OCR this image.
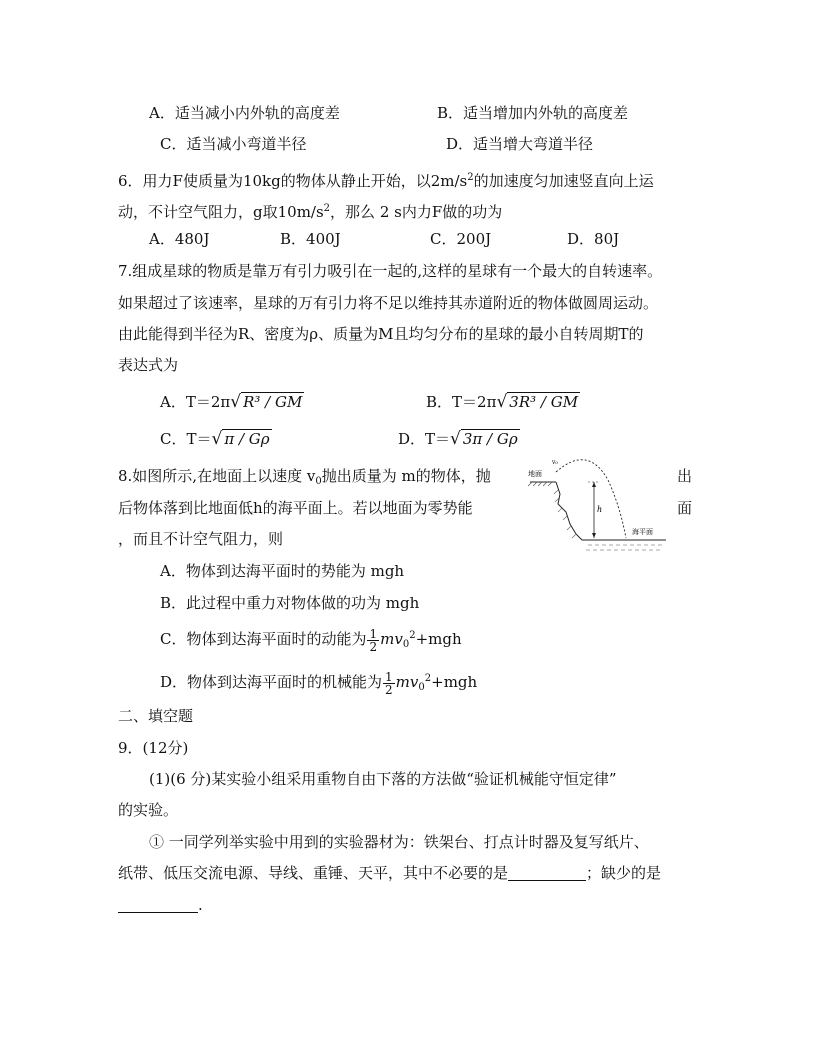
A．适当减小内外轨的高度差	B．适当增加内外轨的高度差
C．适当减小弯道半径	D．适当增大弯道半径
6．用力F使质量为10kg的物体从静止开始，以$2m/s^2$的加速度匀加速竖直向上运
动，不计空气阻力，g取$10m/s^2$，那么 2 s内力F做的功为
A．480J	B．400J	C．200J	D．80J
7.组成星球的物质是靠万有引力吸引在一起的,这样的星球有一个最大的自转速率。
如果超过了该速率，星球的万有引力将不足以维持其赤道附近的物体做圆周运动。
由此能得到半径为R、密度为ρ、质量为M且均匀分布的星球的最小自转周期T的
表达式为
A．T＝2π√ R³ / GM	B．T＝2π√ 3R³ / GM
C．T＝√ π / Gρ	D．T＝√ 3π / Gρ
8.如图所示,在地面上以速度 $v_0$抛出质量为 m的物体，抛	出
后物体落到比地面低h的海平面上。若以地面为零势能	面
，而且不计空气阻力，则
h
v₀
地面
海平面
A．物体到达海平面时的势能为 mgh
B．此过程中重力对物体做的功为 mgh
C．物体到达海平面时的动能为 $\frac{1}{2} mv_0^2+mgh$
D．物体到达海平面时的机械能为 $\frac{1}{2} mv_0^2+mgh$
二、填空题
9．(12分)
(1)(6 分)某实验小组采用重物自由下落的方法做“验证机械能守恒定律”
的实验。
① 一同学列举实验中用到的实验器材为：铁架台、打点计时器及复写纸片、
纸带、低压交流电源、导线、重锤、天平，其中不必要的是	；缺少的是
.
